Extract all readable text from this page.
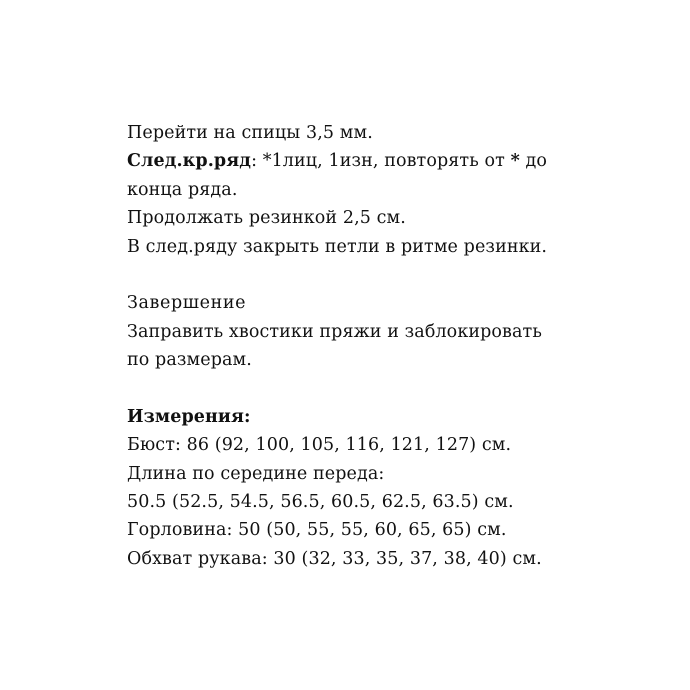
Перейти на спицы 3,5 мм.
След.кр.ряд: *1лиц, 1изн, повторять от * до
конца ряда.
Продолжать резинкой 2,5 см.
В след.ряду закрыть петли в ритме резинки.
Завершение
Заправить хвостики пряжи и заблокировать
по размерам.
Измерения:
Бюст: 86 (92, 100, 105, 116, 121, 127) см.
Длина по середине переда:
50.5 (52.5, 54.5, 56.5, 60.5, 62.5, 63.5) см.
Горловина: 50 (50, 55, 55, 60, 65, 65) см.
Обхват рукава: 30 (32, 33, 35, 37, 38, 40) см.
